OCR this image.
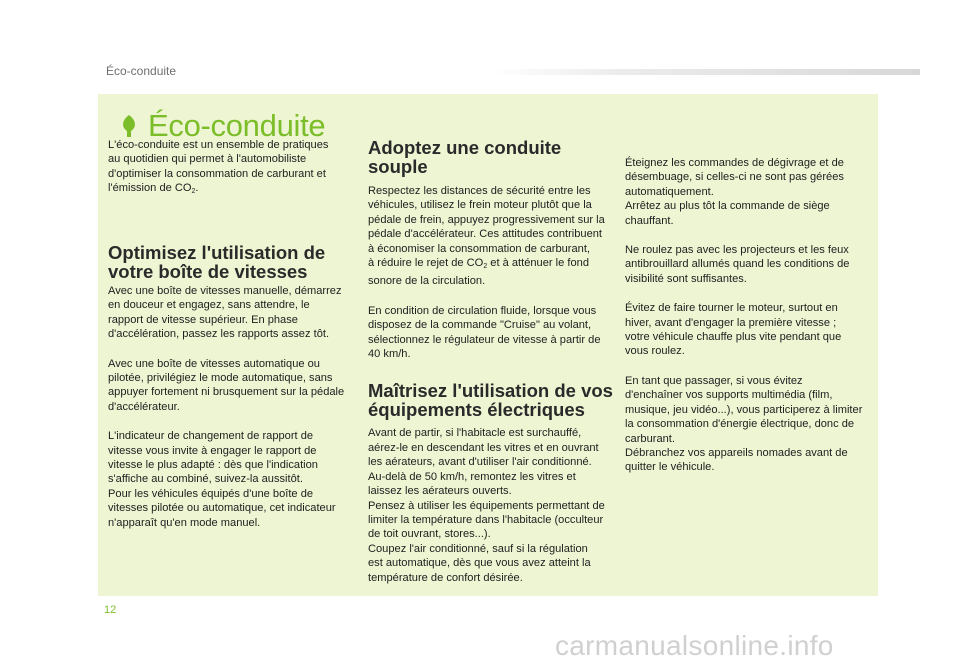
Éco-conduite
Éco-conduite

L'éco-conduite est un ensemble de pratiques
au quotidien qui permet à l'automobiliste
d'optimiser la consommation de carburant et
l'émission de $CO_2$.

Optimisez l'utilisation de
votre boîte de vitesses

Avec une boîte de vitesses manuelle, démarrez
en douceur et engagez, sans attendre, le
rapport de vitesse supérieur. En phase
d'accélération, passez les rapports assez tôt.

Avec une boîte de vitesses automatique ou
pilotée, privilégiez le mode automatique, sans
appuyer fortement ni brusquement sur la pédale
d'accélérateur.

L'indicateur de changement de rapport de
vitesse vous invite à engager le rapport de
vitesse le plus adapté : dès que l'indication
s'affiche au combiné, suivez-la aussitôt.
Pour les véhicules équipés d'une boîte de
vitesses pilotée ou automatique, cet indicateur
n'apparaît qu'en mode manuel.

Adoptez une conduite
souple

Respectez les distances de sécurité entre les
véhicules, utilisez le frein moteur plutôt que la
pédale de frein, appuyez progressivement sur la
pédale d'accélérateur. Ces attitudes contribuent
à économiser la consommation de carburant,
à réduire le rejet de $CO_2$ et à atténuer le fond
sonore de la circulation.

En condition de circulation fluide, lorsque vous
disposez de la commande "Cruise" au volant,
sélectionnez le régulateur de vitesse à partir de
40 km/h.

Maîtrisez l'utilisation de vos
équipements électriques

Avant de partir, si l'habitacle est surchauffé,
aérez-le en descendant les vitres et en ouvrant
les aérateurs, avant d'utiliser l'air conditionné.
Au-delà de 50 km/h, remontez les vitres et
laissez les aérateurs ouverts.
Pensez à utiliser les équipements permettant de
limiter la température dans l'habitacle (occulteur
de toit ouvrant, stores...).
Coupez l'air conditionné, sauf si la régulation
est automatique, dès que vous avez atteint la
température de confort désirée.

Éteignez les commandes de dégivrage et de
désembuage, si celles-ci ne sont pas gérées
automatiquement.
Arrêtez au plus tôt la commande de siège
chauffant.

Ne roulez pas avec les projecteurs et les feux
antibrouillard allumés quand les conditions de
visibilité sont suffisantes.

Évitez de faire tourner le moteur, surtout en
hiver, avant d'engager la première vitesse ;
votre véhicule chauffe plus vite pendant que
vous roulez.

En tant que passager, si vous évitez
d'enchaîner vos supports multimédia (film,
musique, jeu vidéo...), vous participerez à limiter
la consommation d'énergie électrique, donc de
carburant.
Débranchez vos appareils nomades avant de
quitter le véhicule.

12
carmanualsonline.info
